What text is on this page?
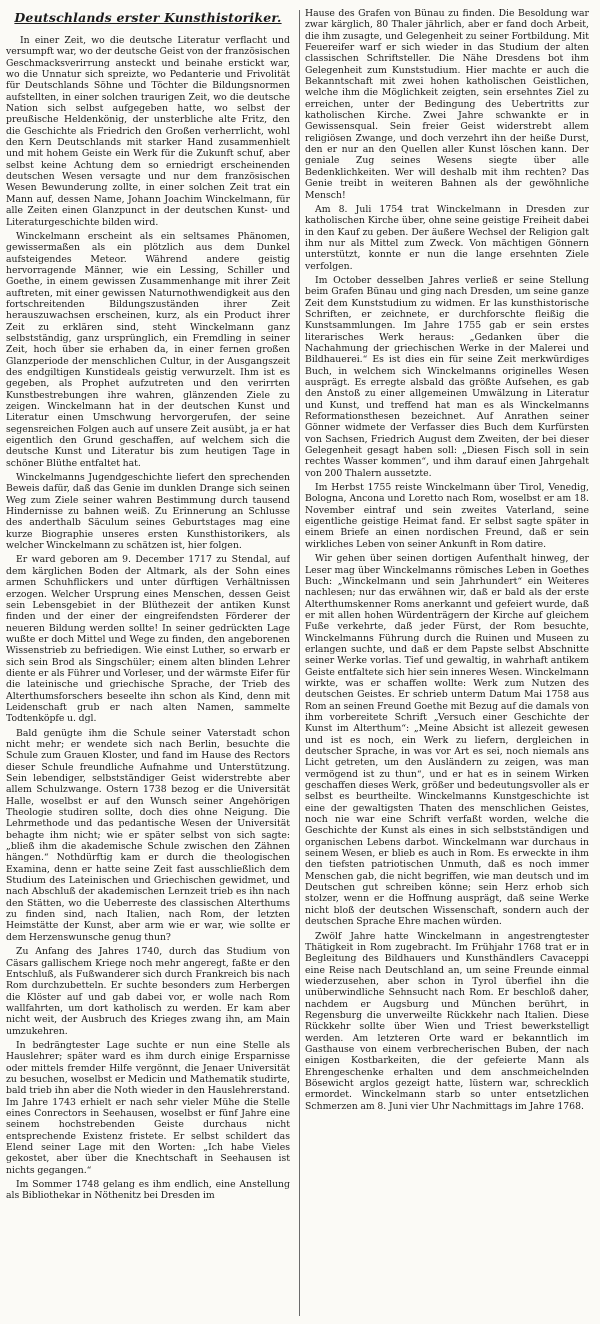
Deutschlands erster Kunsthistoriker.

In einer Zeit, wo die deutsche Literatur verflacht und versumpft war, wo der deutsche Geist von der französischen Geschmacksverirrung ansteckt und beinahe erstickt war, wo die Unnatur sich spreizte, wo Pedanterie und Frivolität für Deutschlands Söhne und Töchter die Bildungsnormen aufstellten, in einer solchen traurigen Zeit, wo die deutsche Nation sich selbst aufgegeben hatte, wo selbst der preußische Heldenkönig, der unsterbliche alte Fritz, den die Geschichte als Friedrich den Großen verherrlicht, wohl den Kern Deutschlands mit starker Hand zusammenhielt und mit hohem Geiste ein Werk für die Zukunft schuf, aber selbst keine Achtung dem so erniedrigt erscheinenden deutschen Wesen versagte und nur dem französischen Wesen Bewunderung zollte, in einer solchen Zeit trat ein Mann auf, dessen Name, Johann Joachim Winckelmann, für alle Zeiten einen Glanzpunct in der deutschen Kunst- und Literaturgeschichte bilden wird.

Winckelmann erscheint als ein seltsames Phänomen, gewissermaßen als ein plötzlich aus dem Dunkel aufsteigendes Meteor. Während andere geistig hervorragende Männer, wie ein Lessing, Schiller und Goethe, in einem gewissen Zusammenhange mit ihrer Zeit auftreten, mit einer gewissen Naturnothwendigkeit aus den fortschreitenden Bildungszuständen ihrer Zeit herauszuwachsen erscheinen, kurz, als ein Product ihrer Zeit zu erklären sind, steht Winckelmann ganz selbstständig, ganz ursprünglich, ein Fremdling in seiner Zeit, hoch über sie erhaben da, in einer fernen großen Glanzperiode der menschlichen Cultur, in der Ausgangszeit des endgiltigen Kunstideals geistig verwurzelt. Ihm ist es gegeben, als Prophet aufzutreten und den verirrten Kunstbestrebungen ihre wahren, glänzenden Ziele zu zeigen. Winckelmann hat in der deutschen Kunst und Literatur einen Umschwung hervorgerufen, der seine segensreichen Folgen auch auf unsere Zeit ausübt, ja er hat eigentlich den Grund geschaffen, auf welchem sich die deutsche Kunst und Literatur bis zum heutigen Tage in schöner Blüthe entfaltet hat.

Winckelmanns Jugendgeschichte liefert den sprechenden Beweis dafür, daß das Genie im dunklen Drange sich seinen Weg zum Ziele seiner wahren Bestimmung durch tausend Hindernisse zu bahnen weiß. Zu Erinnerung an Schlusse des anderthalb Säculum seines Geburtstages mag eine kurze Biographie unseres ersten Kunsthistorikers, als welcher Winckelmann zu schätzen ist, hier folgen.

Er ward geboren am 9. December 1717 zu Stendal, auf dem kärglichen Boden der Altmark, als der Sohn eines armen Schuhflickers und unter dürftigen Verhältnissen erzogen. Welcher Ursprung eines Menschen, dessen Geist sein Lebensgebiet in der Blüthezeit der antiken Kunst finden und der einer der eingreifendsten Förderer der neueren Bildung werden sollte! In seiner gedrückten Lage wußte er doch Mittel und Wege zu finden, den angeborenen Wissenstrieb zu befriedigen. Wie einst Luther, so erwarb er sich sein Brod als Singschüler; einem alten blinden Lehrer diente er als Führer und Vorleser, und der wärmste Eifer für die lateinische und griechische Sprache, der Trieb des Alterthumsforschers beseelte ihn schon als Kind, denn mit Leidenschaft grub er nach alten Namen, sammelte Todtenköpfe u. dgl.

Bald genügte ihm die Schule seiner Vaterstadt schon nicht mehr; er wendete sich nach Berlin, besuchte die Schule zum Grauen Kloster, und fand im Hause des Rectors dieser Schule freundliche Aufnahme und Unterstützung. Sein lebendiger, selbstständiger Geist widerstrebte aber allem Schulzwange. Ostern 1738 bezog er die Universität Halle, woselbst er auf den Wunsch seiner Angehörigen Theologie studiren sollte, doch dies ohne Neigung. Die Lehrmethode und das pedantische Wesen der Universität behagte ihm nicht; wie er später selbst von sich sagte: „bließ ihm die akademische Schule zwischen den Zähnen hängen.“ Nothdürftig kam er durch die theologischen Examina, denn er hatte seine Zeit fast ausschließlich dem Studium des Lateinischen und Griechischen gewidmet, und nach Abschluß der akademischen Lernzeit trieb es ihn nach den Stätten, wo die Ueberreste des classischen Alterthums zu finden sind, nach Italien, nach Rom, der letzten Heimstätte der Kunst, aber arm wie er war, wie sollte er dem Herzenswunsche genug thun?

Zu Anfang des Jahres 1740, durch das Studium von Cäsars gallischem Kriege noch mehr angeregt, faßte er den Entschluß, als Fußwanderer sich durch Frankreich bis nach Rom durchzubetteln. Er suchte besonders zum Herbergen die Klöster auf und gab dabei vor, er wolle nach Rom wallfahrten, um dort katholisch zu werden. Er kam aber nicht weit, der Ausbruch des Krieges zwang ihn, am Main umzukehren.

In bedrängtester Lage suchte er nun eine Stelle als Hauslehrer; später ward es ihm durch einige Ersparnisse oder mittels fremder Hilfe vergönnt, die Jenaer Universität zu besuchen, woselbst er Medicin und Mathematik studirte, bald trieb ihn aber die Noth wieder in den Hauslehrerstand. Im Jahre 1743 erhielt er nach sehr vieler Mühe die Stelle eines Conrectors in Seehausen, woselbst er fünf Jahre eine seinem hochstrebenden Geiste durchaus nicht entsprechende Existenz fristete. Er selbst schildert das Elend seiner Lage mit den Worten: „Ich habe Vieles gekostet, aber über die Knechtschaft in Seehausen ist nichts gegangen.“

Im Sommer 1748 gelang es ihm endlich, eine Anstellung als Bibliothekar in Nöthenitz bei Dresden im

Hause des Grafen von Bünau zu finden. Die Besoldung war zwar kärglich, 80 Thaler jährlich, aber er fand doch Arbeit, die ihm zusagte, und Gelegenheit zu seiner Fortbildung. Mit Feuereifer warf er sich wieder in das Studium der alten classischen Schriftsteller. Die Nähe Dresdens bot ihm Gelegenheit zum Kunststudium. Hier machte er auch die Bekanntschaft mit zwei hohen katholischen Geistlichen, welche ihm die Möglichkeit zeigten, sein ersehntes Ziel zu erreichen, unter der Bedingung des Uebertritts zur katholischen Kirche. Zwei Jahre schwankte er in Gewissensqual. Sein freier Geist widerstrebt allem religiösen Zwange, und doch verzehrt ihn der heiße Durst, den er nur an den Quellen aller Kunst löschen kann. Der geniale Zug seines Wesens siegte über alle Bedenklichkeiten. Wer will deshalb mit ihm rechten? Das Genie treibt in weiteren Bahnen als der gewöhnliche Mensch!

Am 8. Juli 1754 trat Winckelmann in Dresden zur katholischen Kirche über, ohne seine geistige Freiheit dabei in den Kauf zu geben. Der äußere Wechsel der Religion galt ihm nur als Mittel zum Zweck. Von mächtigen Gönnern unterstützt, konnte er nun die lange ersehnten Ziele verfolgen.

Im October desselben Jahres verließ er seine Stellung beim Grafen Bünau und ging nach Dresden, um seine ganze Zeit dem Kunststudium zu widmen. Er las kunsthistorische Schriften, er zeichnete, er durchforschte fleißig die Kunstsammlungen. Im Jahre 1755 gab er sein erstes literarisches Werk heraus: „Gedanken über die Nachahmung der griechischen Werke in der Malerei und Bildhauerei.“ Es ist dies ein für seine Zeit merkwürdiges Buch, in welchem sich Winckelmanns originelles Wesen ausprägt. Es erregte alsbald das größte Aufsehen, es gab den Anstoß zu einer allgemeinen Umwälzung in Literatur und Kunst, und treffend hat man es als Winckelmanns Reformationsthesen bezeichnet. Auf Anrathen seiner Gönner widmete der Verfasser dies Buch dem Kurfürsten von Sachsen, Friedrich August dem Zweiten, der bei dieser Gelegenheit gesagt haben soll: „Diesen Fisch soll in sein rechtes Wasser kommen“, und ihm darauf einen Jahrgehalt von 200 Thalern aussetzte.

Im Herbst 1755 reiste Winckelmann über Tirol, Venedig, Bologna, Ancona und Loretto nach Rom, woselbst er am 18. November eintraf und sein zweites Vaterland, seine eigentliche geistige Heimat fand. Er selbst sagte später in einem Briefe an einen nordischen Freund, daß er sein wirkliches Leben von seiner Ankunft in Rom datire.

Wir gehen über seinen dortigen Aufenthalt hinweg, der Leser mag über Winckelmanns römisches Leben in Goethes Buch: „Winckelmann und sein Jahrhundert“ ein Weiteres nachlesen; nur das erwähnen wir, daß er bald als der erste Alterthumskenner Roms anerkannt und gefeiert wurde, daß er mit allen hohen Würdenträgern der Kirche auf gleichem Fuße verkehrte, daß jeder Fürst, der Rom besuchte, Winckelmanns Führung durch die Ruinen und Museen zu erlangen suchte, und daß er dem Papste selbst Abschnitte seiner Werke vorlas. Tief und gewaltig, in wahrhaft antikem Geiste entfaltete sich hier sein inneres Wesen. Winckelmann wirkte, was er schaffen wollte: Werk zum Nutzen des deutschen Geistes. Er schrieb unterm Datum Mai 1758 aus Rom an seinen Freund Goethe mit Bezug auf die damals von ihm vorbereitete Schrift „Versuch einer Geschichte der Kunst im Alterthum“: „Meine Absicht ist allezeit gewesen und ist es noch, ein Werk zu liefern, dergleichen in deutscher Sprache, in was vor Art es sei, noch niemals ans Licht getreten, um den Ausländern zu zeigen, was man vermögend ist zu thun“, und er hat es in seinem Wirken geschaffen dieses Werk, größer und bedeutungsvoller als er selbst es beurtheilte. Winckelmanns Kunstgeschichte ist eine der gewaltigsten Thaten des menschlichen Geistes, noch nie war eine Schrift verfaßt worden, welche die Geschichte der Kunst als eines in sich selbstständigen und organischen Lebens darbot. Winckelmann war durchaus in seinem Wesen, er blieb es auch in Rom. Es erweckte in ihm den tiefsten patriotischen Unmuth, daß es noch immer Menschen gab, die nicht begriffen, wie man deutsch und im Deutschen gut schreiben könne; sein Herz erhob sich stolzer, wenn er die Hoffnung ausprägt, daß seine Werke nicht bloß der deutschen Wissenschaft, sondern auch der deutschen Sprache Ehre machen würden.

Zwölf Jahre hatte Winckelmann in angestrengtester Thätigkeit in Rom zugebracht. Im Frühjahr 1768 trat er in Begleitung des Bildhauers und Kunsthändlers Cavaceppi eine Reise nach Deutschland an, um seine Freunde einmal wiederzusehen, aber schon in Tyrol überfiel ihn die unüberwindliche Sehnsucht nach Rom. Er beschloß daher, nachdem er Augsburg und München berührt, in Regensburg die unverweilte Rückkehr nach Italien. Diese Rückkehr sollte über Wien und Triest bewerkstelligt werden. Am letzteren Orte ward er bekanntlich im Gasthause von einem verbrecherischen Buben, der nach einigen Kostbarkeiten, die der gefeierte Mann als Ehrengeschenke erhalten und dem anschmeichelnden Bösewicht arglos gezeigt hatte, lüstern war, schrecklich ermordet. Winckelmann starb so unter entsetzlichen Schmerzen am 8. Juni vier Uhr Nachmittags im Jahre 1768.
